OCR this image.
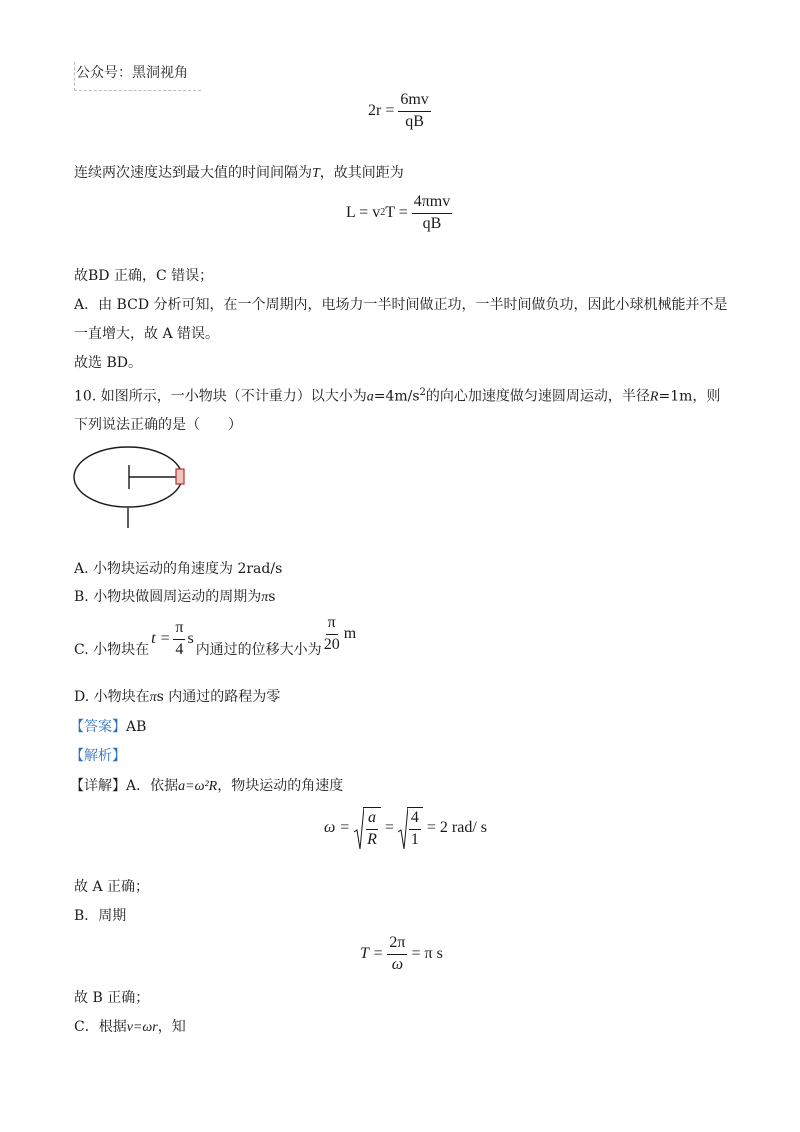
公众号：黑洞视角
$2r = \frac{6mv}{qB}$
连续两次速度达到最大值的时间间隔为T，故其间距为
L = v 2 $T = \frac{\text{4πmv}}{qB}$
故BD 正确，C 错误；
A．由 BCD 分析可知，在一个周期内，电场力一半时间做正功，一半时间做负功，因此小球机械能并不是
一直增大，故 A 错误。
故选 BD。
10. 如图所示，一小物块（不计重力）以大小为$a=4m/s^2$的向心加速度做匀速圆周运动，半径R=1m，则
下列说法正确的是（　　）
A. 小物块运动的角速度为 2rad/s
B. 小物块做圆周运动的周期为πs
C. 小物块在
$t = \frac{\pi}{4}$ s
内通过的位移大小为 $\frac{\pi}{20}$ m
D. 小物块在πs 内通过的路程为零
【答案】AB
【解析】
【详解】A．依据a=ω²R，物块运动的角速度
$\omega = \frac{a}{R} = \frac{4}{1} = 2$ rad/ s
故 A 正确；
B．周期
$T = \frac{2\pi}{\omega} = \pi$ s
故 B 正确；
C．根据v=ωr，知
